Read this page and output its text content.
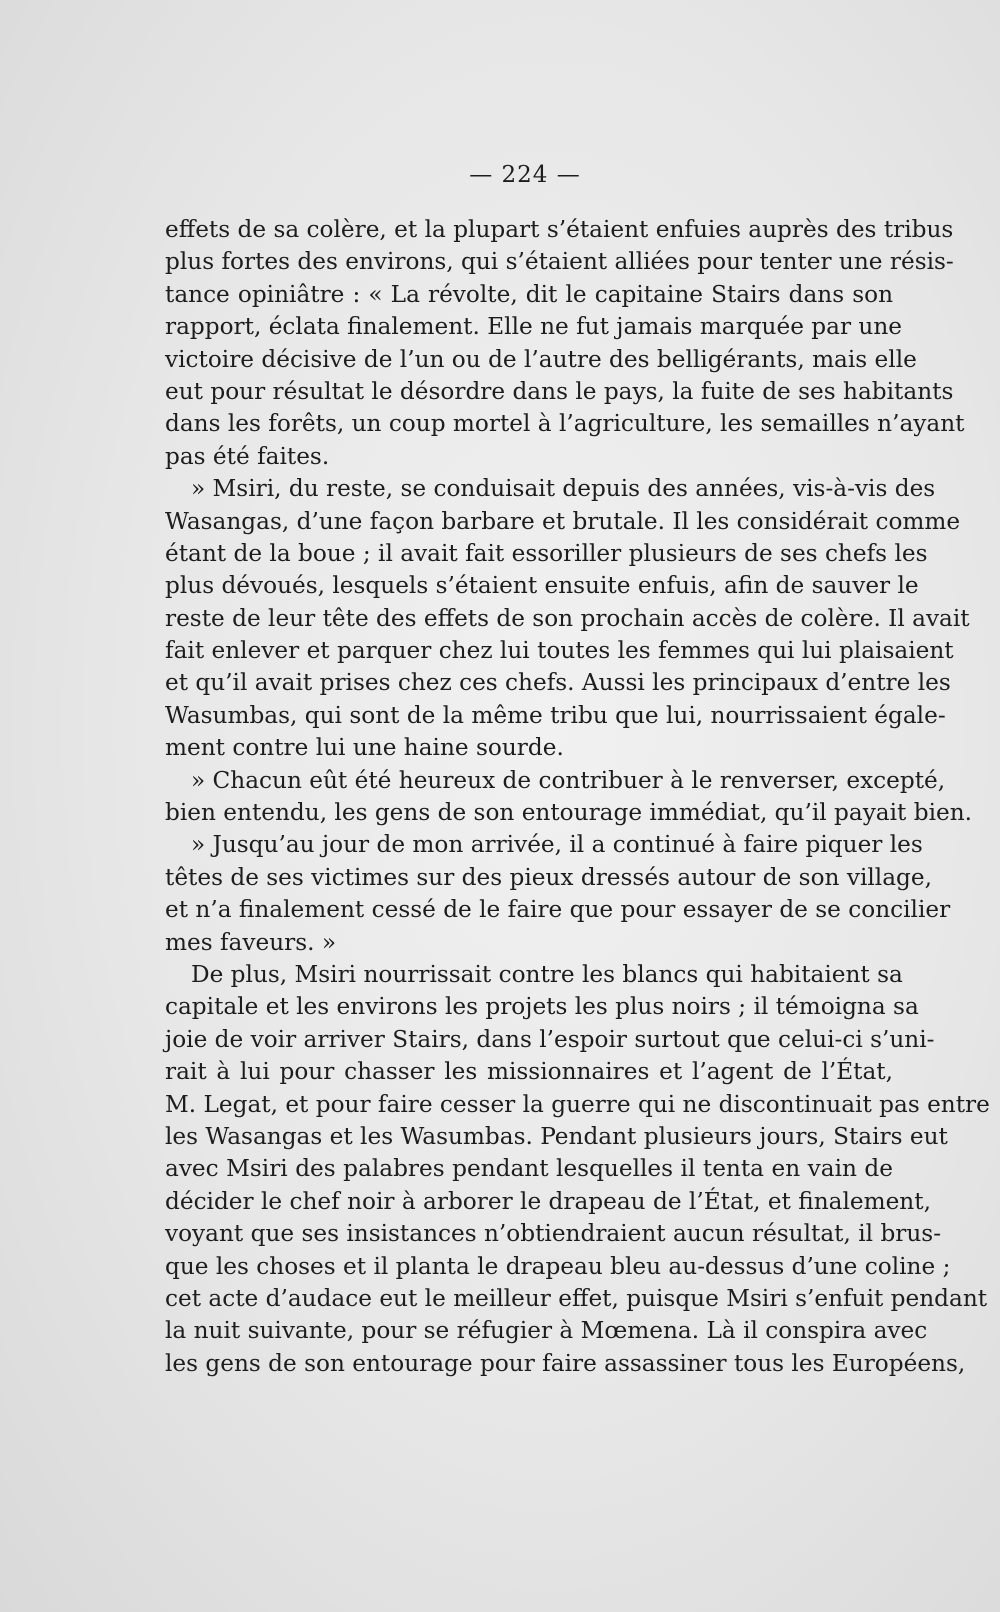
— 224 —
effets de sa colère, et la plupart s’étaient enfuies auprès des tribus
plus fortes des environs, qui s’étaient alliées pour tenter une résis-
tance opiniâtre : « La révolte, dit le capitaine Stairs dans son
rapport, éclata finalement. Elle ne fut jamais marquée par une
victoire décisive de l’un ou de l’autre des belligérants, mais elle
eut pour résultat le désordre dans le pays, la fuite de ses habitants
dans les forêts, un coup mortel à l’agriculture, les semailles n’ayant
pas été faites.
» Msiri, du reste, se conduisait depuis des années, vis-à-vis des
Wasangas, d’une façon barbare et brutale. Il les considérait comme
étant de la boue ; il avait fait essoriller plusieurs de ses chefs les
plus dévoués, lesquels s’étaient ensuite enfuis, afin de sauver le
reste de leur tête des effets de son prochain accès de colère. Il avait
fait enlever et parquer chez lui toutes les femmes qui lui plaisaient
et qu’il avait prises chez ces chefs. Aussi les principaux d’entre les
Wasumbas, qui sont de la même tribu que lui, nourrissaient égale-
ment contre lui une haine sourde.
» Chacun eût été heureux de contribuer à le renverser, excepté,
bien entendu, les gens de son entourage immédiat, qu’il payait bien.
» Jusqu’au jour de mon arrivée, il a continué à faire piquer les
têtes de ses victimes sur des pieux dressés autour de son village,
et n’a finalement cessé de le faire que pour essayer de se concilier
mes faveurs. »
De plus, Msiri nourrissait contre les blancs qui habitaient sa
capitale et les environs les projets les plus noirs ; il témoigna sa
joie de voir arriver Stairs, dans l’espoir surtout que celui-ci s’uni-
rait à lui pour chasser les missionnaires et l’agent de l’État,
M. Legat, et pour faire cesser la guerre qui ne discontinuait pas entre
les Wasangas et les Wasumbas. Pendant plusieurs jours, Stairs eut
avec Msiri des palabres pendant lesquelles il tenta en vain de
décider le chef noir à arborer le drapeau de l’État, et finalement,
voyant que ses insistances n’obtiendraient aucun résultat, il brus-
que les choses et il planta le drapeau bleu au-dessus d’une coline ;
cet acte d’audace eut le meilleur effet, puisque Msiri s’enfuit pendant
la nuit suivante, pour se réfugier à Mœmena. Là il conspira avec
les gens de son entourage pour faire assassiner tous les Européens,
